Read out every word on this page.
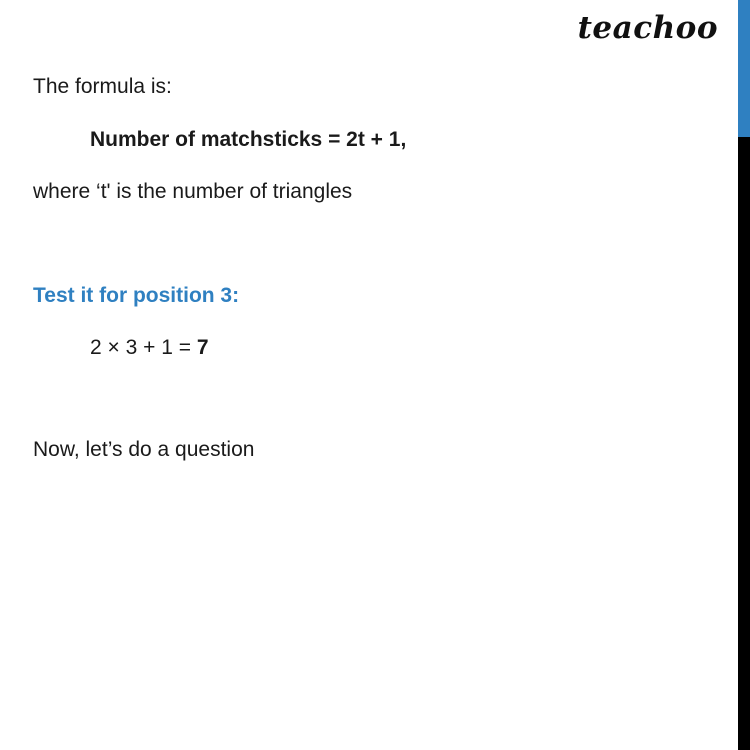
teachoo
The formula is:
Number of matchsticks = 2t + 1,
where ‘t' is the number of triangles
Test it for position 3:
2 × 3 + 1 = 7
Now, let’s do a question
